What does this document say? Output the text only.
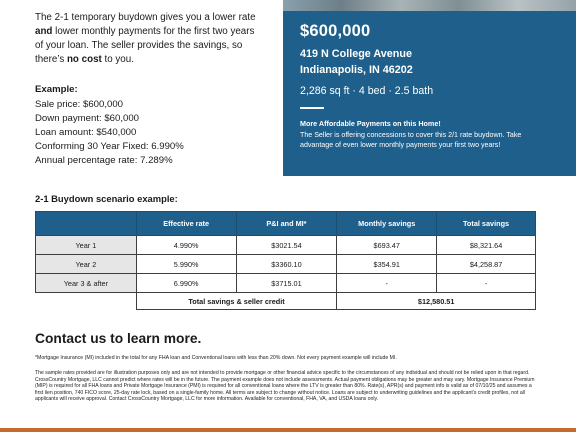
The 2-1 temporary buydown gives you a lower rate and lower monthly payments for the first two years of your loan. The seller provides the savings, so there’s no cost to you.

Example:
Sale price: $600,000
Down payment: $60,000
Loan amount: $540,000
Conforming 30 Year Fixed: 6.990%
Annual percentage rate: 7.289%
$600,000
419 N College Avenue
Indianapolis, IN 46202
2,286 sq ft · 4 bed · 2.5 bath
More Affordable Payments on this Home!
The Seller is offering concessions to cover this 2/1 rate buydown. Take advantage of even lower monthly payments your first two years!
2-1 Buydown scenario example:
	Effective rate	P&I and MI*	Monthly savings	Total savings
Year 1	4.990%	$3021.54	$693.47	$8,321.64
Year 2	5.990%	$3360.10	$354.91	$4,258.87
Year 3 & after	6.990%	$3715.01	-	-
	Total savings & seller credit		$12,580.51	
Contact us to learn more.

*Mortgage Insurance (MI) included in the total for any FHA loan and Conventional loans with less than 20% down. Not every payment example will include MI.

The sample rates provided are for illustration purposes only and are not intended to provide mortgage or other financial advice specific to the circumstances of any individual and should not be relied upon in that regard. CrossCountry Mortgage, LLC cannot predict where rates will be in the future. The payment example does not include assessments. Actual payment obligations may be greater and may vary. Mortgage Insurance Premium (MIP) is required for all FHA loans and Private Mortgage Insurance (PMI) is required for all conventional loans where the LTV is greater than 80%. Rate(s), APR(s) and payment info is valid as of 07/10/25 and assumes a first lien position, 740 FICO score, 25-day rate lock, based on a single-family home. All terms are subject to change without notice. Loans are subject to underwriting guidelines and the applicant’s credit profiles, not all applicants will receive approval. Contact CrossCountry Mortgage, LLC for more information. Available for conventional, FHA, VA, and USDA loans only.
